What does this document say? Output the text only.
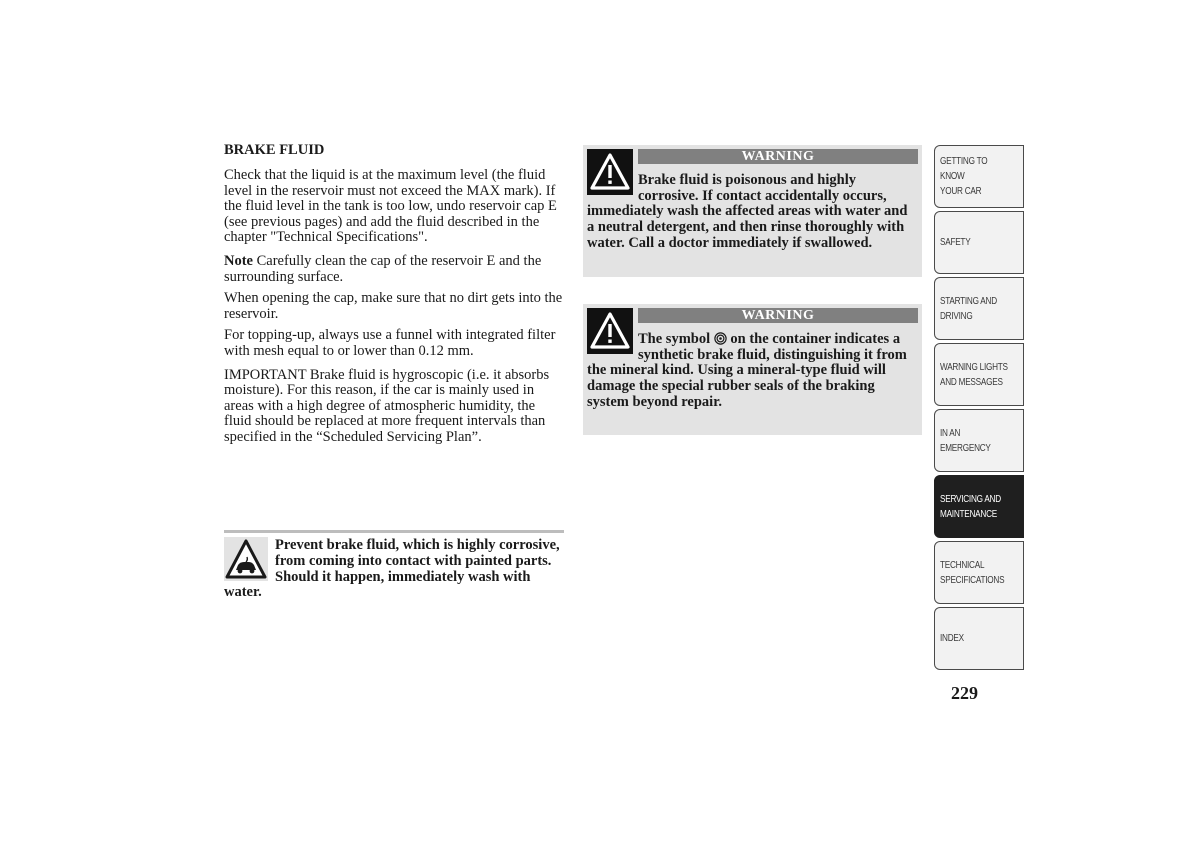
BRAKE FLUID

Check that the liquid is at the maximum level (the fluid level in the reservoir must not exceed the MAX mark). If the fluid level in the tank is too low, undo reservoir cap E (see previous pages) and add the fluid described in the chapter "Technical Specifications".

Note Carefully clean the cap of the reservoir E and the surrounding surface.

When opening the cap, make sure that no dirt gets into the reservoir.

For topping-up, always use a funnel with integrated filter with mesh equal to or lower than 0.12 mm.

IMPORTANT Brake fluid is hygroscopic (i.e. it absorbs moisture). For this reason, if the car is mainly used in areas with a high degree of atmospheric humidity, the fluid should be replaced at more frequent intervals than specified in the “Scheduled Servicing Plan”.

Prevent brake fluid, which is highly corrosive, from coming into contact with painted parts. Should it happen, immediately wash with water.
WARNING
Brake fluid is poisonous and highly corrosive. If contact accidentally occurs, immediately wash the affected areas with water and a neutral detergent, and then rinse thoroughly with water. Call a doctor immediately if swallowed.
WARNING
The symbol  on the container indicates a synthetic brake fluid, distinguishing it from the mineral kind. Using a mineral-type fluid will damage the special rubber seals of the braking system beyond repair.
GETTING TO KNOW
YOUR CAR
SAFETY
STARTING AND
DRIVING
WARNING LIGHTS
AND MESSAGES
IN AN EMERGENCY
SERVICING AND
MAINTENANCE
TECHNICAL
SPECIFICATIONS
INDEX
229
